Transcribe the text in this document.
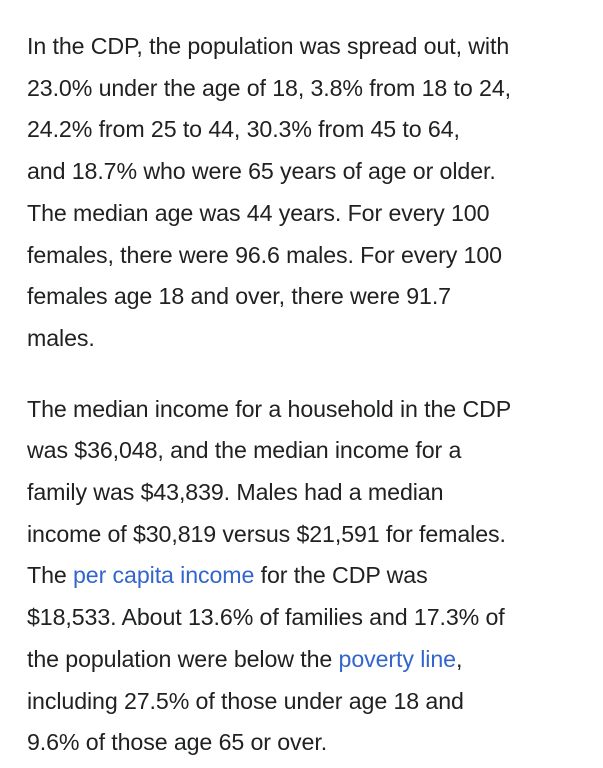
In the CDP, the population was spread out, with
23.0% under the age of 18, 3.8% from 18 to 24,
24.2% from 25 to 44, 30.3% from 45 to 64,
and 18.7% who were 65 years of age or older.
The median age was 44 years. For every 100
females, there were 96.6 males. For every 100
females age 18 and over, there were 91.7
males.

The median income for a household in the CDP
was $36,048, and the median income for a
family was $43,839. Males had a median
income of $30,819 versus $21,591 for females.
The per capita income for the CDP was
$18,533. About 13.6% of families and 17.3% of
the population were below the poverty line,
including 27.5% of those under age 18 and
9.6% of those age 65 or over.
